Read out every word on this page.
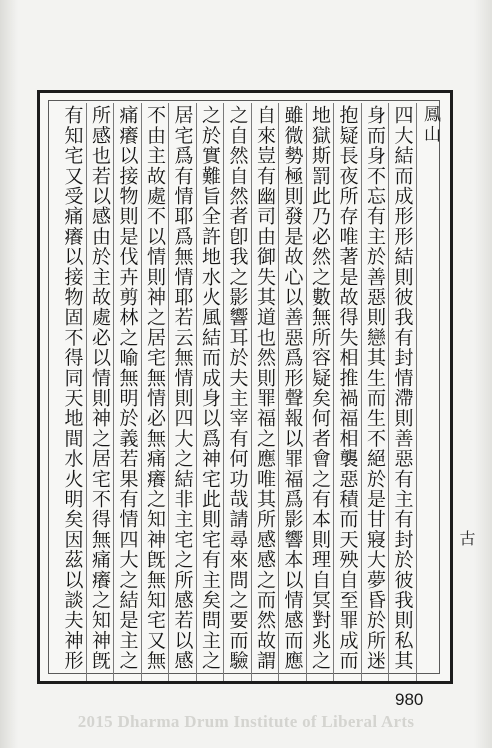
鳳山
四大結而成形形結則彼我有封情滯則善惡有主有封於彼我則私其
身而身不忘有主於善惡則戀其生而生不絕於是甘寢大夢昏於所迷
抱疑長夜所存唯著是故得失相推禍福相襲惡積而天殃自至罪成而
地獄斯罰此乃必然之數無所容疑矣何者會之有本則理自冥對兆之
雖微勢極則發是故心以善惡爲形聲報以罪福爲影響本以情感而應
自來豈有幽司由御失其道也然則罪福之應唯其所感感之而然故謂
之自然自然者卽我之影響耳於夫主宰有何功哉請尋來問之要而驗
之於實難旨全許地水火風結而成身以爲神宅此則宅有主矣問主之
居宅爲有情耶爲無情耶若云無情則四大之結非主宅之所感若以感
不由主故處不以情則神之居宅無情必無痛癢之知神旣無知宅又無
痛癢以接物則是伐卉剪林之喻無明於義若果有情四大之結是主之
所感也若以感由於主故處必以情則神之居宅不得無痛癢之知神旣
有知宅又受痛癢以接物固不得同天地間水火明矣因茲以談夫神形	古
980
2015 Dharma Drum Institute of Liberal Arts
